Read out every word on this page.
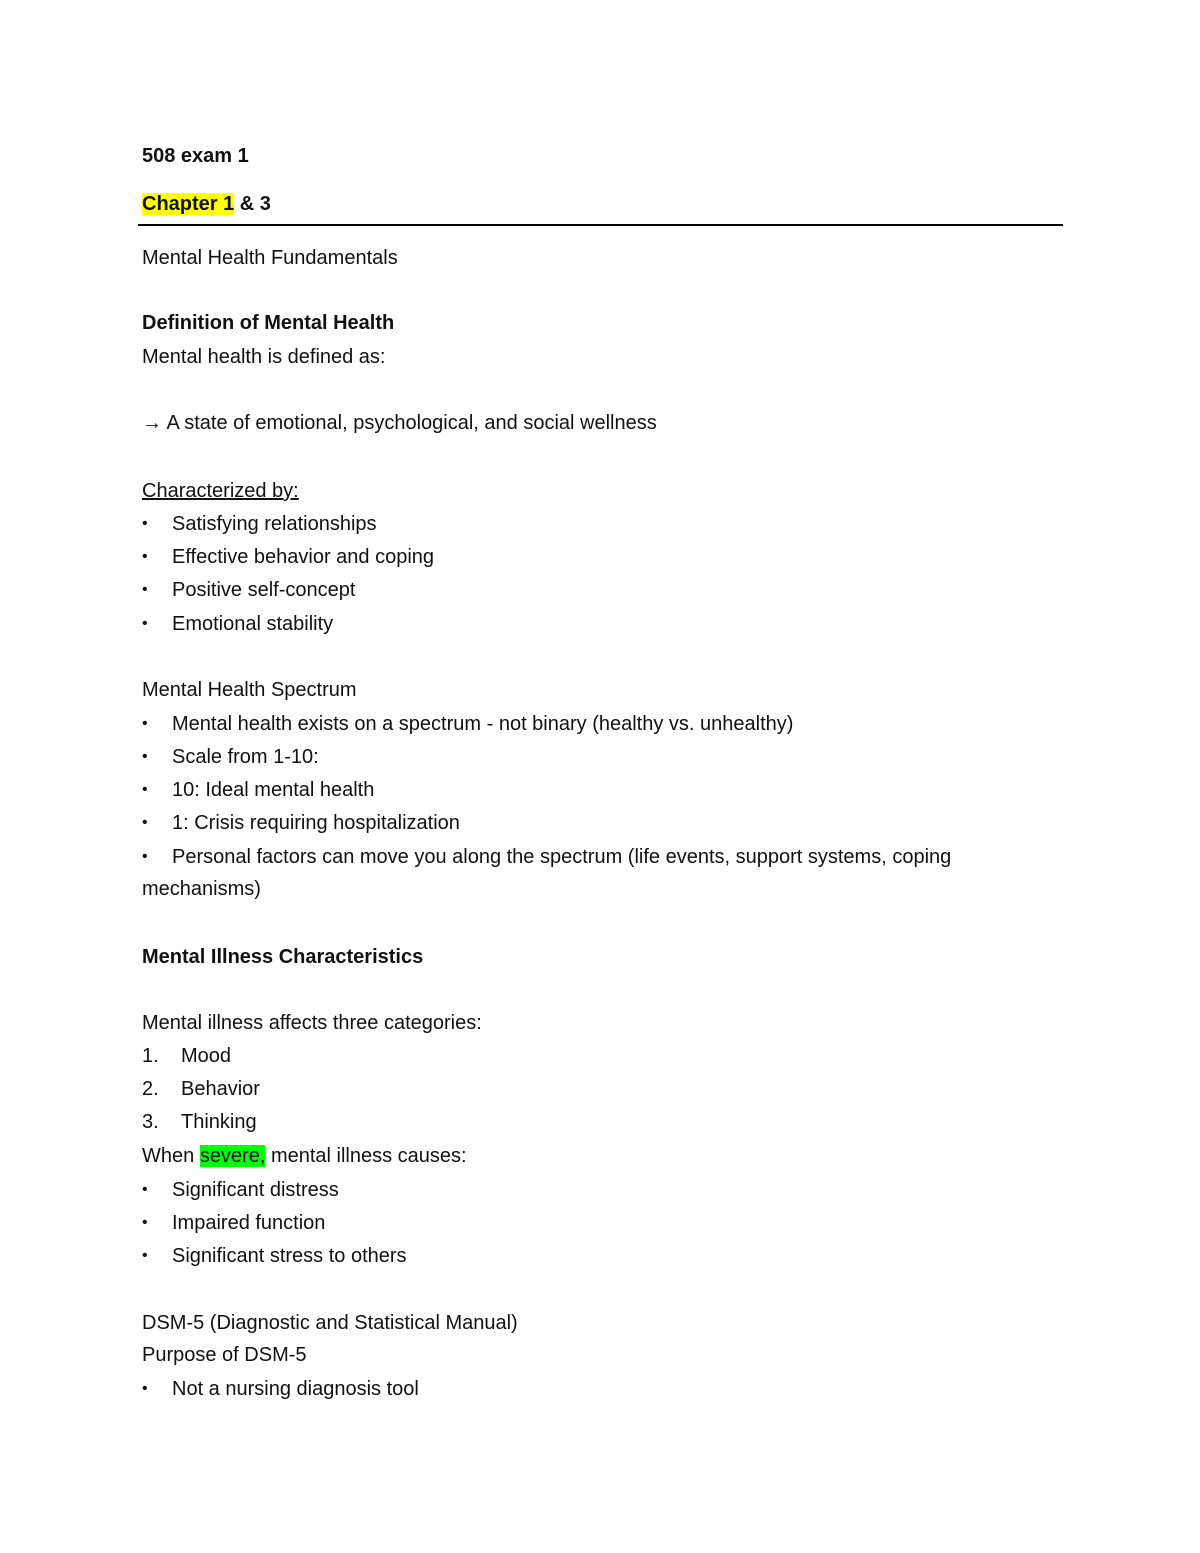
508 exam 1
Chapter 1 & 3
Mental Health Fundamentals
Definition of Mental Health
Mental health is defined as:
→ A state of emotional, psychological, and social wellness
Characterized by:
• Satisfying relationships
• Effective behavior and coping
• Positive self-concept
• Emotional stability
Mental Health Spectrum
• Mental health exists on a spectrum - not binary (healthy vs. unhealthy)
• Scale from 1-10:
• 10: Ideal mental health
• 1: Crisis requiring hospitalization
• Personal factors can move you along the spectrum (life events, support systems, coping
mechanisms)
Mental Illness Characteristics
Mental illness affects three categories:
1. Mood
2. Behavior
3. Thinking
When severe, mental illness causes:
• Significant distress
• Impaired function
• Significant stress to others
DSM-5 (Diagnostic and Statistical Manual)
Purpose of DSM-5
• Not a nursing diagnosis tool
